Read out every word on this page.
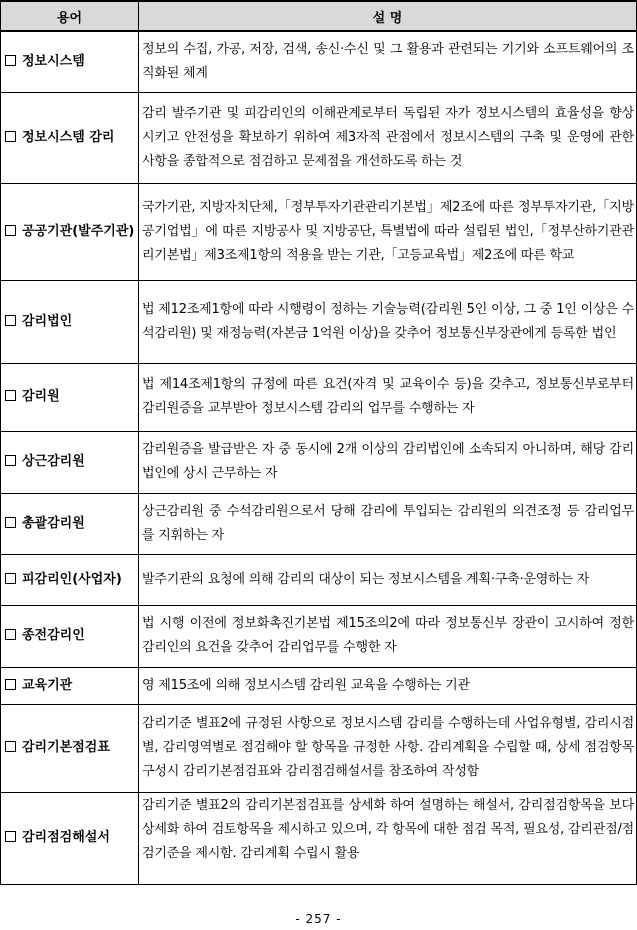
용어	설 명
정보시스템	정보의 수집, 가공, 저장, 검색, 송신·수신 및 그 활용과 관련되는 기기와 소프트웨어의 조직화된 체계
정보시스템 감리	감리 발주기관 및 피감리인의 이해관계로부터 독립된 자가 정보시스템의 효율성을 향상시키고 안전성을 확보하기 위하여 제3자적 관점에서 정보시스템의 구축 및 운영에 관한 사항을 종합적으로 점검하고 문제점을 개선하도록 하는 것
공공기관(발주기관)	국가기관, 지방자치단체,「정부투자기관관리기본법」제2조에 따른 정부투자기관,「지방공기업법」에 따른 지방공사 및 지방공단, 특별법에 따라 설립된 법인,「정부산하기관관리기본법」제3조제1항의 적용을 받는 기관,「고등교육법」제2조에 따른 학교
감리법인	법 제12조제1항에 따라 시행령이 정하는 기술능력(감리원 5인 이상, 그 중 1인 이상은 수석감리원) 및 재정능력(자본금 1억원 이상)을 갖추어 정보통신부장관에게 등록한 법인
감리원	법 제14조제1항의 규정에 따른 요건(자격 및 교육이수 등)을 갖추고, 정보통신부로부터 감리원증을 교부받아 정보시스템 감리의 업무를 수행하는 자
상근감리원	감리원증을 발급받은 자 중 동시에 2개 이상의 감리법인에 소속되지 아니하며, 해당 감리법인에 상시 근무하는 자
총괄감리원	상근감리원 중 수석감리원으로서 당해 감리에 투입되는 감리원의 의견조정 등 감리업무를 지휘하는 자
피감리인(사업자)	발주기관의 요청에 의해 감리의 대상이 되는 정보시스템을 계획·구축·운영하는 자
종전감리인	법 시행 이전에 정보화촉진기본법 제15조의2에 따라 정보통신부 장관이 고시하여 정한 감리인의 요건을 갖추어 감리업무를 수행한 자
교육기관	영 제15조에 의해 정보시스템 감리원 교육을 수행하는 기관
감리기본점검표	감리기준 별표2에 규정된 사항으로 정보시스템 감리를 수행하는데 사업유형별, 감리시점별, 감리영역별로 점검해야 할 항목을 규정한 사항. 감리계획을 수립할 때, 상세 점검항목 구성시 감리기본점검표와 감리점검해설서를 참조하여 작성함
감리점검해설서	감리기준 별표2의 감리기본점검표를 상세화 하여 설명하는 해설서, 감리점검항목을 보다 상세화 하여 검토항목을 제시하고 있으며, 각 항목에 대한 점검 목적, 필요성, 감리관점/점검기준을 제시함. 감리계획 수립시 활용
- 257 -
